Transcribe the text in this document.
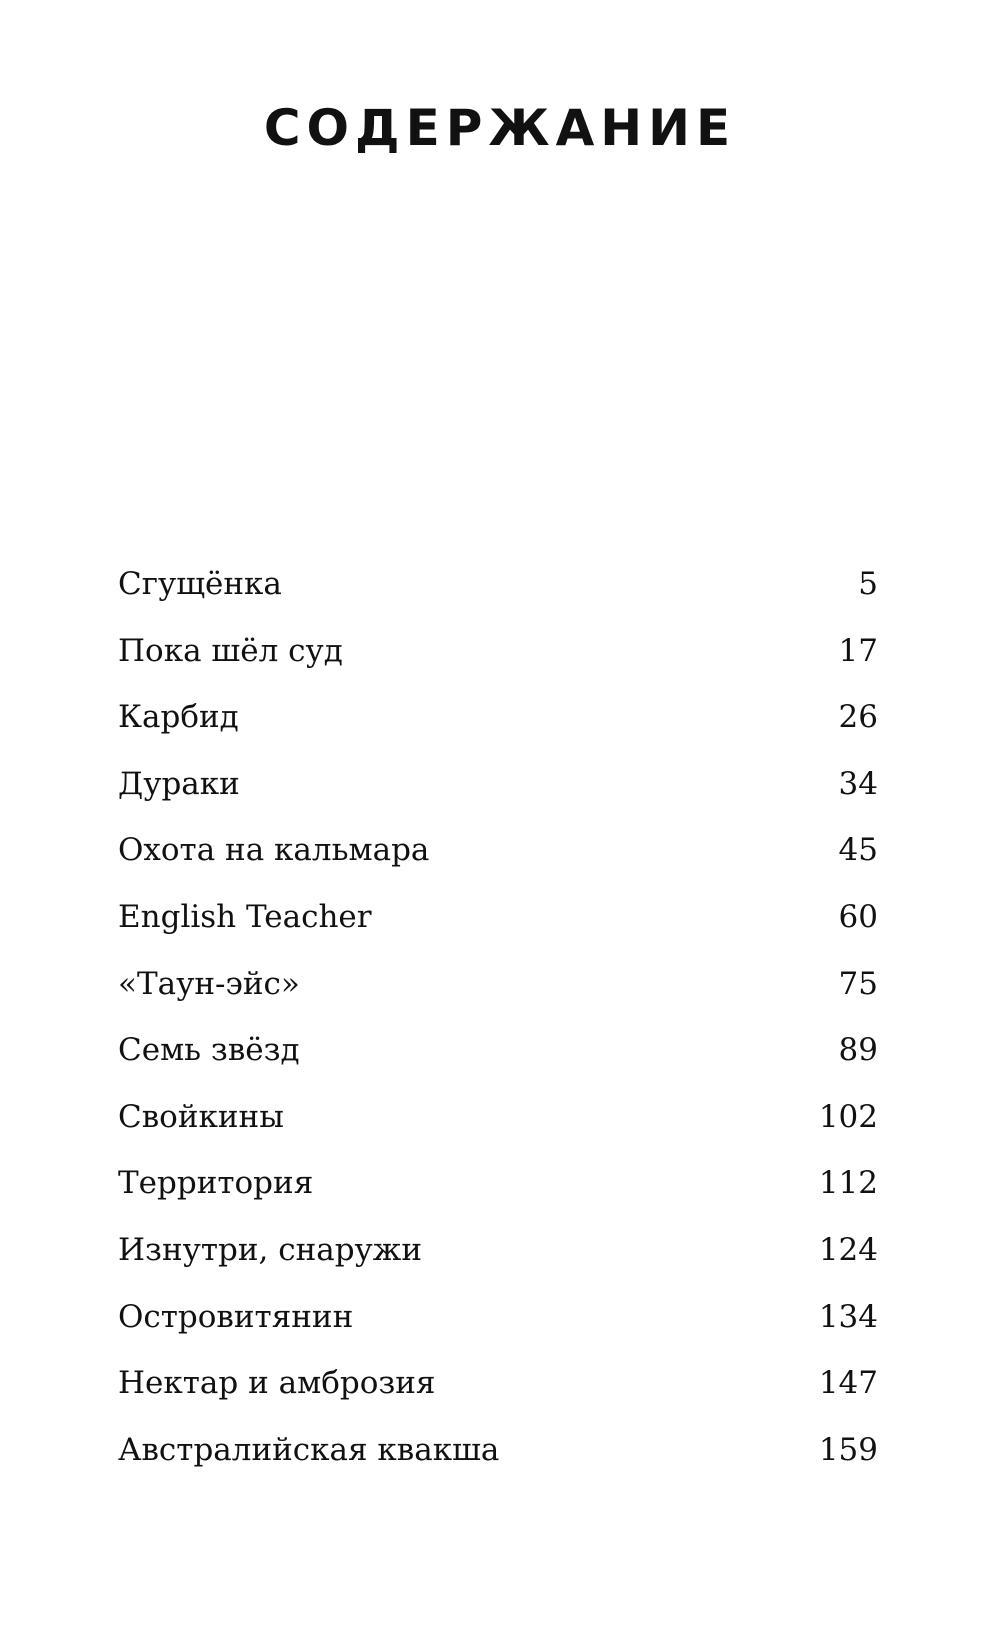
СОДЕРЖАНИЕ
Сгущёнка	5
Пока шёл суд	17
Карбид	26
Дураки	34
Охота на кальмара	45
English Teacher	60
«Таун-эйс»	75
Семь звёзд	89
Свойкины	102
Территория	112
Изнутри, снаружи	124
Островитянин	134
Нектар и амброзия	147
Австралийская квакша	159
